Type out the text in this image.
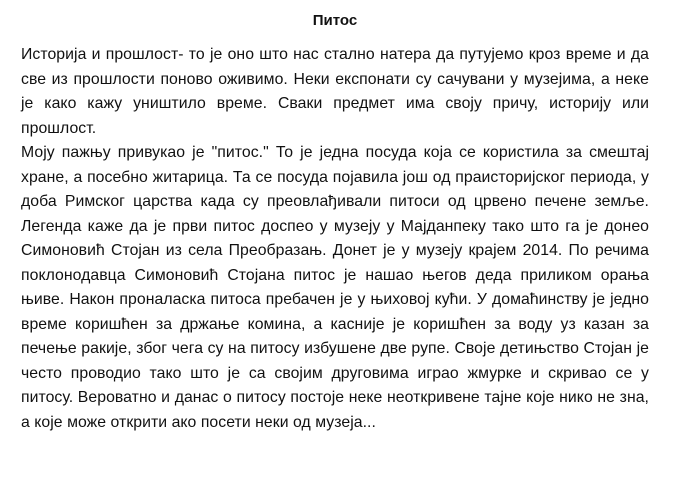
Питос

Историја и прошлост- то је оно што нас стално натера да путујемо кроз време и да све из прошлости поново оживимо. Неки експонати су сачувани у музејима, а неке је како кажу уништило време. Сваки предмет има своју причу, историју или прошлост.

Моју пажњу привукао је "питос." То је једна посуда која се користила за смештај хране, а посебно житарица. Та се посуда појавила још од праисторијског периода, у доба Римског царства када су преовлађивали питоси од црвено печене земље. Легенда каже да је први питос доспео у музеју у Мајданпеку тако што га је донео Симоновић Стојан из села Преобразањ. Донет је у музеју крајем 2014. По речима поклонодавца Симоновић Стојана питос је нашао његов деда приликом орања њиве. Након проналаска питоса пребачен је у њиховој кући. У домаћинству је једно време коришћен за држање комина, а касније је коришћен за воду уз казан за печење ракије, због чега су на питосу избушене две рупе. Своје детињство Стојан је често проводио тако што је са својим друговима играо жмурке и скривао се у питосу. Вероватно и данас о питосу постоје неке неоткривене тајне које нико не зна, а које може открити ако посети неки од музеја...
